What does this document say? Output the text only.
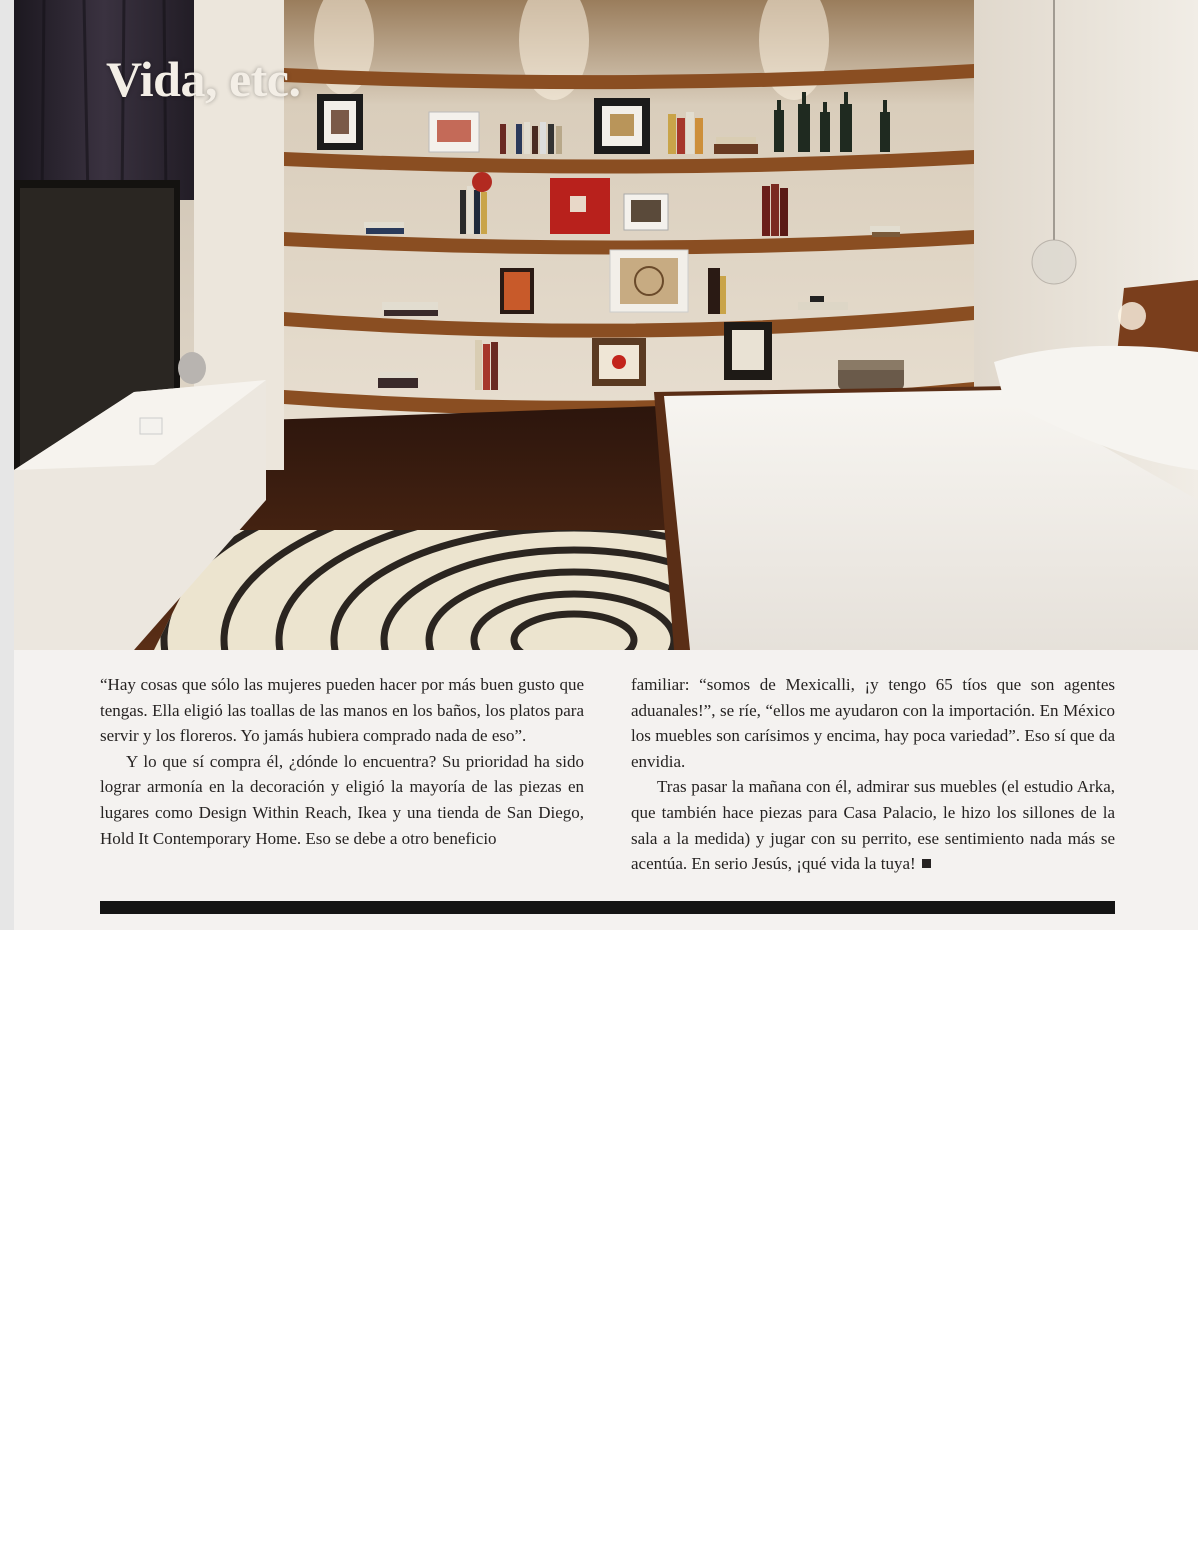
Vida, etc.

“Hay cosas que sólo las mujeres pueden hacer por más buen gusto que tengas. Ella eligió las toallas de las manos en los baños, los platos para servir y los floreros. Yo jamás hubiera comprado nada de eso”.

Y lo que sí compra él, ¿dónde lo encuentra? Su prioridad ha sido lograr armonía en la decoración y eligió la mayoría de las piezas en lugares como Design Within Reach, Ikea y una tienda de San Diego, Hold It Contemporary Home. Eso se debe a otro beneficio

familiar: “somos de Mexicalli, ¡y tengo 65 tíos que son agentes aduanales!”, se ríe, “ellos me ayudaron con la importación. En México los muebles son carísimos y encima, hay poca variedad”. Eso sí que da envidia.

Tras pasar la mañana con él, admirar sus muebles (el estudio Arka, que también hace piezas para Casa Palacio, le hizo los sillones de la sala a la medida) y jugar con su perrito, ese sentimiento nada más se acentúa. En serio Jesús, ¡qué vida la tuya!
